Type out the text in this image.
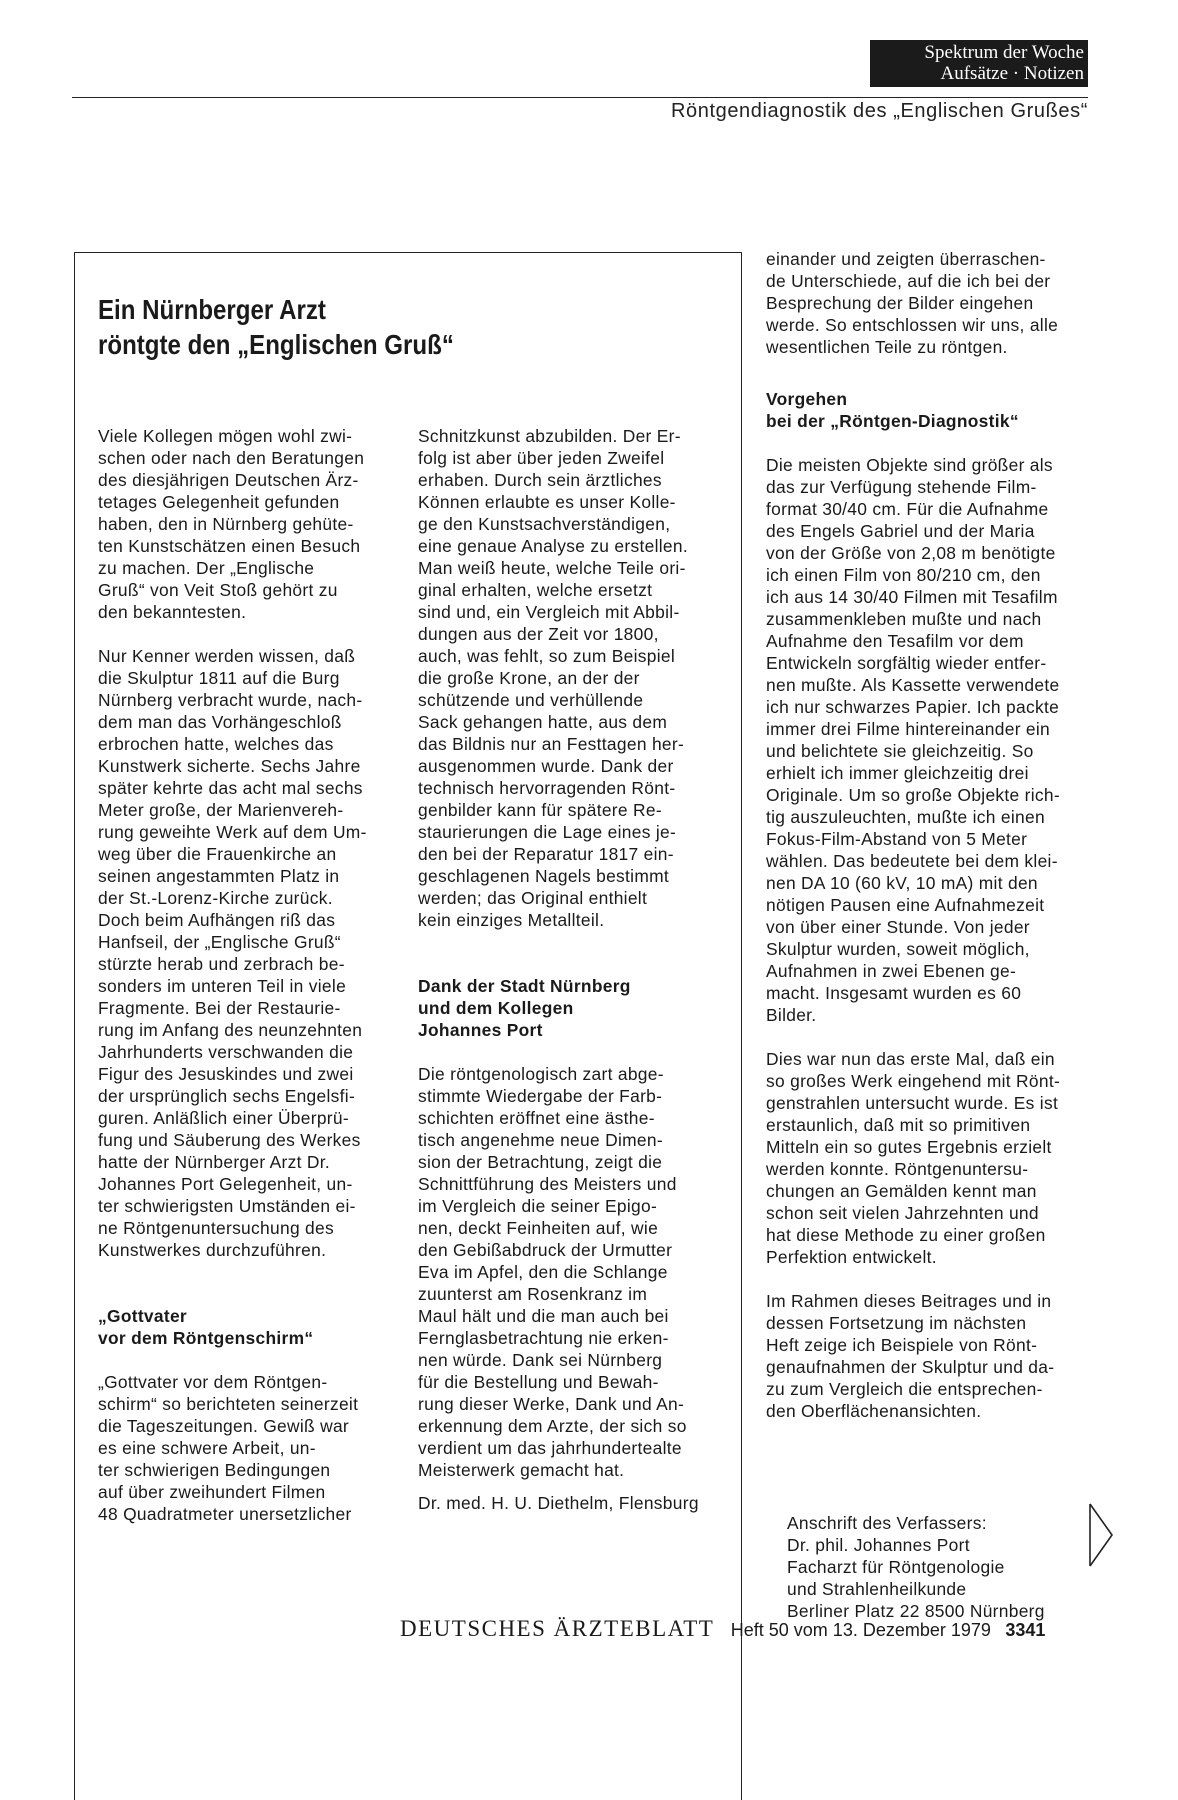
Spektrum der Woche
Aufsätze · Notizen
Röntgendiagnostik des „Englischen Grußes“
Ein Nürnberger Arzt
röntgte den „Englischen Gruß“
Viele Kollegen mögen wohl zwi-
schen oder nach den Beratungen
des diesjährigen Deutschen Ärz-
tetages Gelegenheit gefunden
haben, den in Nürnberg gehüte-
ten Kunstschätzen einen Besuch
zu machen. Der „Englische
Gruß“ von Veit Stoß gehört zu
den bekanntesten.

Nur Kenner werden wissen, daß
die Skulptur 1811 auf die Burg
Nürnberg verbracht wurde, nach-
dem man das Vorhängeschloß
erbrochen hatte, welches das
Kunstwerk sicherte. Sechs Jahre
später kehrte das acht mal sechs
Meter große, der Marienvereh-
rung geweihte Werk auf dem Um-
weg über die Frauenkirche an
seinen angestammten Platz in
der St.-Lorenz-Kirche zurück.
Doch beim Aufhängen riß das
Hanfseil, der „Englische Gruß“
stürzte herab und zerbrach be-
sonders im unteren Teil in viele
Fragmente. Bei der Restaurie-
rung im Anfang des neunzehnten
Jahrhunderts verschwanden die
Figur des Jesuskindes und zwei
der ursprünglich sechs Engelsfi-
guren. Anläßlich einer Überprü-
fung und Säuberung des Werkes
hatte der Nürnberger Arzt Dr.
Johannes Port Gelegenheit, un-
ter schwierigsten Umständen ei-
ne Röntgenuntersuchung des
Kunstwerkes durchzuführen.
„Gottvater
vor dem Röntgenschirm“
„Gottvater vor dem Röntgen-
schirm“ so berichteten seinerzeit
die Tageszeitungen. Gewiß war
es eine schwere Arbeit, un-
ter schwierigen Bedingungen
auf über zweihundert Filmen
48 Quadratmeter unersetzlicher
Schnitzkunst abzubilden. Der Er-
folg ist aber über jeden Zweifel
erhaben. Durch sein ärztliches
Können erlaubte es unser Kolle-
ge den Kunstsachverständigen,
eine genaue Analyse zu erstellen.
Man weiß heute, welche Teile ori-
ginal erhalten, welche ersetzt
sind und, ein Vergleich mit Abbil-
dungen aus der Zeit vor 1800,
auch, was fehlt, so zum Beispiel
die große Krone, an der der
schützende und verhüllende
Sack gehangen hatte, aus dem
das Bildnis nur an Festtagen her-
ausgenommen wurde. Dank der
technisch hervorragenden Rönt-
genbilder kann für spätere Re-
staurierungen die Lage eines je-
den bei der Reparatur 1817 ein-
geschlagenen Nagels bestimmt
werden; das Original enthielt
kein einziges Metallteil.
Dank der Stadt Nürnberg
und dem Kollegen
Johannes Port
Die röntgenologisch zart abge-
stimmte Wiedergabe der Farb-
schichten eröffnet eine ästhe-
tisch angenehme neue Dimen-
sion der Betrachtung, zeigt die
Schnittführung des Meisters und
im Vergleich die seiner Epigo-
nen, deckt Feinheiten auf, wie
den Gebißabdruck der Urmutter
Eva im Apfel, den die Schlange
zuunterst am Rosenkranz im
Maul hält und die man auch bei
Fernglasbetrachtung nie erken-
nen würde. Dank sei Nürnberg
für die Bestellung und Bewah-
rung dieser Werke, Dank und An-
erkennung dem Arzte, der sich so
verdient um das jahrhundertealte
Meisterwerk gemacht hat.

Dr. med. H. U. Diethelm, Flensburg

einander und zeigten überraschen-
de Unterschiede, auf die ich bei der
Besprechung der Bilder eingehen
werde. So entschlossen wir uns, alle
wesentlichen Teile zu röntgen.
Vorgehen
bei der „Röntgen-Diagnostik“
Die meisten Objekte sind größer als
das zur Verfügung stehende Film-
format 30/40 cm. Für die Aufnahme
des Engels Gabriel und der Maria
von der Größe von 2,08 m benötigte
ich einen Film von 80/210 cm, den
ich aus 14 30/40 Filmen mit Tesafilm
zusammenkleben mußte und nach
Aufnahme den Tesafilm vor dem
Entwickeln sorgfältig wieder entfer-
nen mußte. Als Kassette verwendete
ich nur schwarzes Papier. Ich packte
immer drei Filme hintereinander ein
und belichtete sie gleichzeitig. So
erhielt ich immer gleichzeitig drei
Originale. Um so große Objekte rich-
tig auszuleuchten, mußte ich einen
Fokus-Film-Abstand von 5 Meter
wählen. Das bedeutete bei dem klei-
nen DA 10 (60 kV, 10 mA) mit den
nötigen Pausen eine Aufnahmezeit
von über einer Stunde. Von jeder
Skulptur wurden, soweit möglich,
Aufnahmen in zwei Ebenen ge-
macht. Insgesamt wurden es 60
Bilder.
Dies war nun das erste Mal, daß ein
so großes Werk eingehend mit Rönt-
genstrahlen untersucht wurde. Es ist
erstaunlich, daß mit so primitiven
Mitteln ein so gutes Ergebnis erzielt
werden konnte. Röntgenuntersu-
chungen an Gemälden kennt man
schon seit vielen Jahrzehnten und
hat diese Methode zu einer großen
Perfektion entwickelt.
Im Rahmen dieses Beitrages und in
dessen Fortsetzung im nächsten
Heft zeige ich Beispiele von Rönt-
genaufnahmen der Skulptur und da-
zu zum Vergleich die entsprechen-
den Oberflächenansichten.
Anschrift des Verfassers:
Dr. phil. Johannes Port
Facharzt für Röntgenologie
und Strahlenheilkunde
Berliner Platz 22 8500 Nürnberg
DEUTSCHES ÄRZTEBLATT Heft 50 vom 13. Dezember 1979 3341
